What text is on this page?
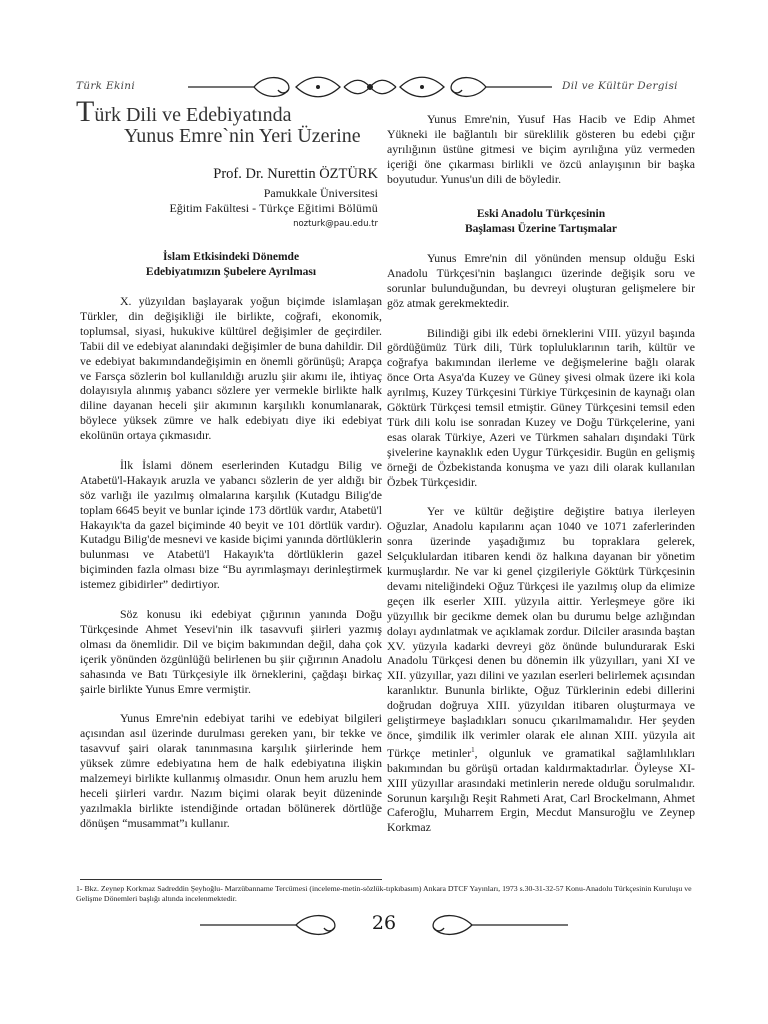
Türk Ekini	Dil ve Kültür Dergisi
Türk Dili ve Edebiyatında
Yunus Emre`nin Yeri Üzerine
Prof. Dr. Nurettin ÖZTÜRK
Pamukkale Üniversitesi
Eğitim Fakültesi - Türkçe Eğitimi Bölümü
nozturk@pau.edu.tr
İslam Etkisindeki Dönemde
Edebiyatımızın Şubelere Ayrılması

X. yüzyıldan başlayarak yoğun biçimde islamlaşan Türkler, din değişikliği ile birlikte, coğrafi, ekonomik, toplumsal, siyasi, hukukive kültürel değişimler de geçirdiler. Tabii dil ve edebiyat alanındaki değişimler de buna dahildir. Dil ve edebiyat bakımındandeğişimin en önemli görünüşü; Arapça ve Farsça sözlerin bol kullanıldığı aruzlu şiir akımı ile, ihtiyaç dolayısıyla alınmış yabancı sözlere yer vermekle birlikte halk diline dayanan heceli şiir akımının karşılıklı konumlanarak, böylece yüksek zümre ve halk edebiyatı diye iki edebiyat ekolünün ortaya çıkmasıdır.

İlk İslami dönem eserlerinden Kutadgu Bilig ve Atabetü'l-Hakayık aruzla ve yabancı sözlerin de yer aldığı bir söz varlığı ile yazılmış olmalarına karşılık (Kutadgu Bilig'de toplam 6645 beyit ve bunlar içinde 173 dörtlük vardır, Atabetü'l Hakayık'ta da gazel biçiminde 40 beyit ve 101 dörtlük vardır). Kutadgu Bilig'de mesnevi ve kaside biçimi yanında dörtlüklerin bulunması ve Atabetü'l Hakayık'ta dörtlüklerin gazel biçiminden fazla olması bize “Bu ayrımlaşmayı derinleştirmek istemez gibidirler” dedirtiyor.

Söz konusu iki edebiyat çığırının yanında Doğu Türkçesinde Ahmet Yesevi'nin ilk tasavvufi şiirleri yazmış olması da önemlidir. Dil ve biçim bakımından değil, daha çok içerik yönünden özgünlüğü belirlenen bu şiir çığırının Anadolu sahasında ve Batı Türkçesiyle ilk örneklerini, çağdaşı birkaç şairle birlikte Yunus Emre vermiştir.

Yunus Emre'nin edebiyat tarihi ve edebiyat bilgileri açısından asıl üzerinde durulması gereken yanı, bir tekke ve tasavvuf şairi olarak tanınmasına karşılık şiirlerinde hem yüksek zümre edebiyatına hem de halk edebiyatına ilişkin malzemeyi birlikte kullanmış olmasıdır. Onun hem aruzlu hem heceli şiirleri vardır. Nazım biçimi olarak beyit düzeninde yazılmakla birlikte istendiğinde ortadan bölünerek dörtlüğe dönüşen “musammat”ı kullanır.

Yunus Emre'nin, Yusuf Has Hacib ve Edip Ahmet Yükneki ile bağlantılı bir süreklilik gösteren bu edebi çığır ayrılığının üstüne gitmesi ve biçim ayrılığına yüz vermeden içeriği öne çıkarması birlikli ve özcü anlayışının bir başka boyutudur. Yunus'un dili de böyledir.

Eski Anadolu Türkçesinin
Başlaması Üzerine Tartışmalar

Yunus Emre'nin dil yönünden mensup olduğu Eski Anadolu Türkçesi'nin başlangıcı üzerinde değişik soru ve sorunlar bulunduğundan, bu devreyi oluşturan gelişmelere bir göz atmak gerekmektedir.

Bilindiği gibi ilk edebi örneklerini VIII. yüzyıl başında gördüğümüz Türk dili, Türk topluluklarının tarih, kültür ve coğrafya bakımından ilerleme ve değişmelerine bağlı olarak önce Orta Asya'da Kuzey ve Güney şivesi olmak üzere iki kola ayrılmış, Kuzey Türkçesini Türkiye Türkçesinin de kaynağı olan Göktürk Türkçesi temsil etmiştir. Güney Türkçesini temsil eden Türk dili kolu ise sonradan Kuzey ve Doğu Türkçelerine, yani esas olarak Türkiye, Azeri ve Türkmen sahaları dışındaki Türk şivelerine kaynaklık eden Uygur Türkçesidir. Bugün en gelişmiş örneği de Özbekistanda konuşma ve yazı dili olarak kullanılan Özbek Türkçesidir.

Yer ve kültür değiştire değiştire batıya ilerleyen Oğuzlar, Anadolu kapılarını açan 1040 ve 1071 zaferlerinden sonra üzerinde yaşadığımız bu topraklara gelerek, Selçuklulardan itibaren kendi öz halkına dayanan bir yönetim kurmuşlardır. Ne var ki genel çizgileriyle Göktürk Türkçesinin devamı niteliğindeki Oğuz Türkçesi ile yazılmış olup da elimize geçen ilk eserler XIII. yüzyıla aittir. Yerleşmeye göre iki yüzyıllık bir gecikme demek olan bu durumu belge azlığından dolayı aydınlatmak ve açıklamak zordur. Dilciler arasında baştan XV. yüzyıla kadarki devreyi göz önünde bulundurarak Eski Anadolu Türkçesi denen bu dönemin ilk yüzyılları, yani XI ve XII. yüzyıllar, yazı dilini ve yazılan eserleri belirlemek açısından karanlıktır. Bununla birlikte, Oğuz Türklerinin edebi dillerini doğrudan doğruya XIII. yüzyıldan itibaren oluşturmaya ve geliştirmeye başladıkları sonucu çıkarılmamalıdır. Her şeyden önce, şimdilik ilk verimler olarak ele alınan XIII. yüzyıla ait Türkçe metinler$^1$, olgunluk ve gramatikal sağlamlılıkları bakımından bu görüşü ortadan kaldırmaktadırlar. Öyleyse XI-XIII yüzyıllar arasındaki metinlerin nerede olduğu sorulmalıdır. Sorunun karşılığı Reşit Rahmeti Arat, Carl Brockelmann, Ahmet Caferoğlu, Muharrem Ergin, Mecdut Mansuroğlu ve Zeynep Korkmaz

1- Bkz. Zeynep Korkmaz Sadreddin Şeyhoğlu- Marzübanname Tercümesi (inceleme-metin-sözlük-tıpkıbasım) Ankara DTCF Yayınları, 1973 s.30-31-32-57 Konu-Anadolu Türkçesinin Kuruluşu ve Gelişme Dönemleri başlığı altında incelenmektedir.
26
